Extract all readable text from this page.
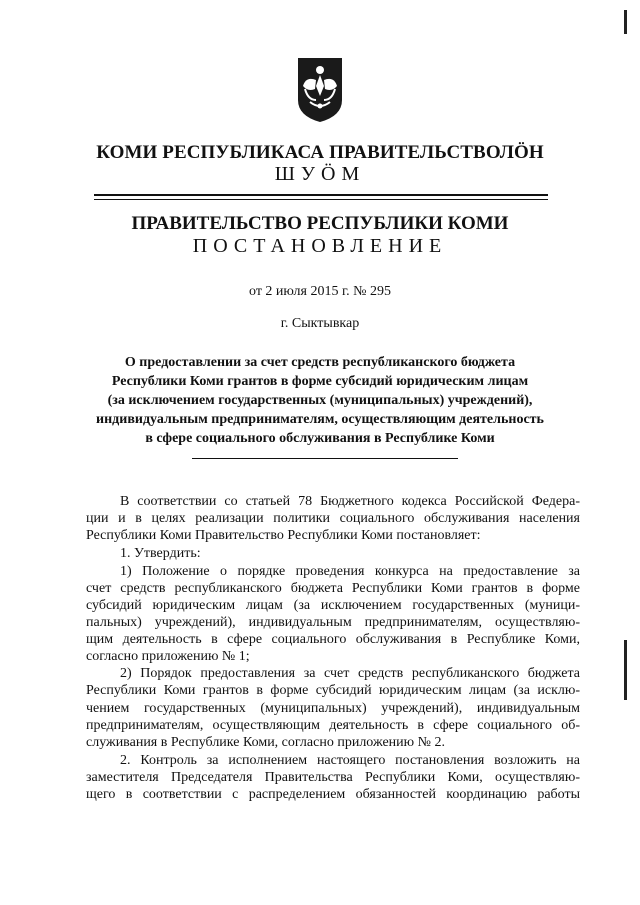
КОМИ РЕСПУБЛИКАСА ПРАВИТЕЛЬСТВОЛÖН
ШУÖМ
ПРАВИТЕЛЬСТВО РЕСПУБЛИКИ КОМИ
ПОСТАНОВЛЕНИЕ
от 2 июля 2015 г. № 295
г. Сыктывкар
О предоставлении за счет средств республиканского бюджета
Республики Коми грантов в форме субсидий юридическим лицам
(за исключением государственных (муниципальных) учреждений),
индивидуальным предпринимателям, осуществляющим деятельность
в сфере социального обслуживания в Республике Коми
В соответствии со статьей 78 Бюджетного кодекса Российской Федера-
ции и в целях реализации политики социального обслуживания населения
Республики Коми Правительство Республики Коми постановляет:
1. Утвердить:
1) Положение о порядке проведения конкурса на предоставление за
счет средств республиканского бюджета Республики Коми грантов в форме
субсидий юридическим лицам (за исключением государственных (муници-
пальных) учреждений), индивидуальным предпринимателям, осуществляю-
щим деятельность в сфере социального обслуживания в Республике Коми,
согласно приложению № 1;
2) Порядок предоставления за счет средств республиканского бюджета
Республики Коми грантов в форме субсидий юридическим лицам (за исклю-
чением государственных (муниципальных) учреждений), индивидуальным
предпринимателям, осуществляющим деятельность в сфере социального об-
служивания в Республике Коми, согласно приложению № 2.
2. Контроль за исполнением настоящего постановления возложить на
заместителя Председателя Правительства Республики Коми, осуществляю-
щего в соответствии с распределением обязанностей координацию работы
